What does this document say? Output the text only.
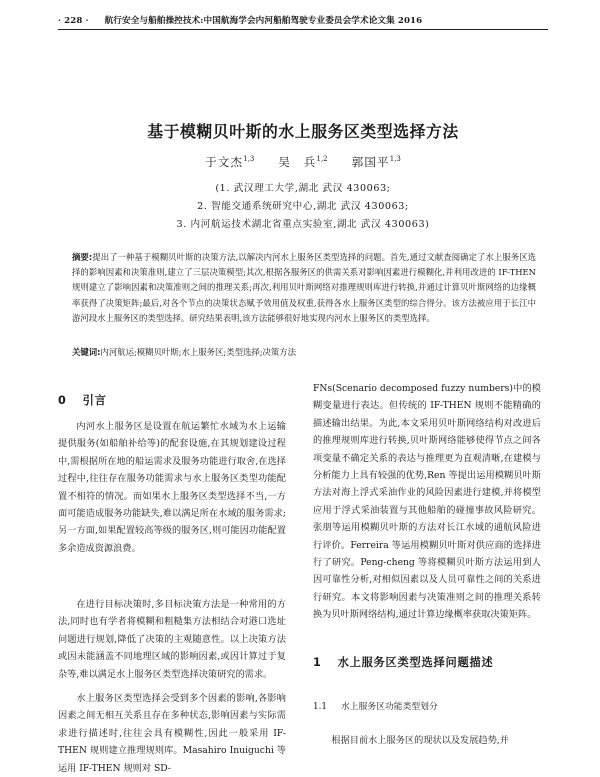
· 228 · 航行安全与船舶操控技术:中国航海学会内河船舶驾驶专业委员会学术论文集 2016
基于模糊贝叶斯的水上服务区类型选择方法
于文杰$^{1,3}$ 吴　兵$^{1,2}$ 郭国平$^{1,3}$
(1. 武汉理工大学,湖北 武汉 430063;
2. 智能交通系统研究中心,湖北 武汉 430063;
3. 内河航运技术湖北省重点实验室,湖北 武汉 430063)
摘要:提出了一种基于模糊贝叶斯的决策方法,以解决内河水上服务区类型选择的问题。首先,通过文献查阅确定了水上服务区选择的影响因素和决策准则,建立了三层决策模型;其次,根据各服务区的供需关系对影响因素进行模糊化,并利用改进的 IF-THEN 规则建立了影响因素和决策准则之间的推理关系;再次,利用贝叶斯网络对推理规则库进行转换,并通过计算贝叶斯网络的边缘概率获得了决策矩阵;最后,对各个节点的决策状态赋予效用值及权重,获得各水上服务区类型的综合得分。该方法被应用于长江中游河段水上服务区的类型选择。研究结果表明,该方法能够很好地实现内河水上服务区的类型选择。
关键词:内河航运;模糊贝叶斯;水上服务区;类型选择;决策方法
0 引言
内河水上服务区是设置在航运繁忙水域为水上运输提供服务(如船舶补给等)的配套设施,在其规划建设过程中,需根据所在地的船运需求及服务功能进行取舍,在选择过程中,往往存在服务功能需求与水上服务区类型功能配置不相符的情况。而如果水上服务区类型选择不当,一方面可能造成服务功能缺失,难以满足所在水域的服务需求;另一方面,如果配置较高等级的服务区,则可能因功能配置多余造成资源浪费。
在进行目标决策时,多目标决策方法是一种常用的方法,同时也有学者将模糊和粗糙集方法相结合对港口选址问题进行规划,降低了决策的主观随意性。以上决策方法或因未能涵盖不同地理区域的影响因素,或因计算过于复杂等,难以满足水上服务区类型选择决策研究的需求。
水上服务区类型选择会受到多个因素的影响,各影响因素之间无相互关系且存在多种状态,影响因素与实际需求进行描述时,往往会具有模糊性,因此一般采用 IF-THEN 规则建立推理规则库。Masahiro Inuiguchi 等运用 IF-THEN 规则对 SD-
FNs(Scenario decomposed fuzzy numbers)中的模糊变量进行表达。但传统的 IF-THEN 规则不能精确的描述输出结果。为此,本文采用贝叶斯网络结构对改进后的推理规则库进行转换,贝叶斯网络能够使得节点之间各项变量不确定关系的表达与推理更为直观清晰,在建模与分析能力上具有较强的优势,Ren 等提出运用模糊贝叶斯方法对海上浮式采油作业的风险因素进行建模,并将模型应用于浮式采油装置与其他船舶的碰撞事故风险研究。张朋等运用模糊贝叶斯的方法对长江水域的通航风险进行评价。Ferreira 等运用模糊贝叶斯对供应商的选择进行了研究。Peng-cheng 等将模糊贝叶斯方法运用到人因可靠性分析,对相似因素以及人员可靠性之间的关系进行研究。本文将影响因素与决策准则之间的推理关系转换为贝叶斯网络结构,通过计算边缘概率获取决策矩阵。
1 水上服务区类型选择问题描述
1.1 水上服务区功能类型划分
根据目前水上服务区的现状以及发展趋势,并
